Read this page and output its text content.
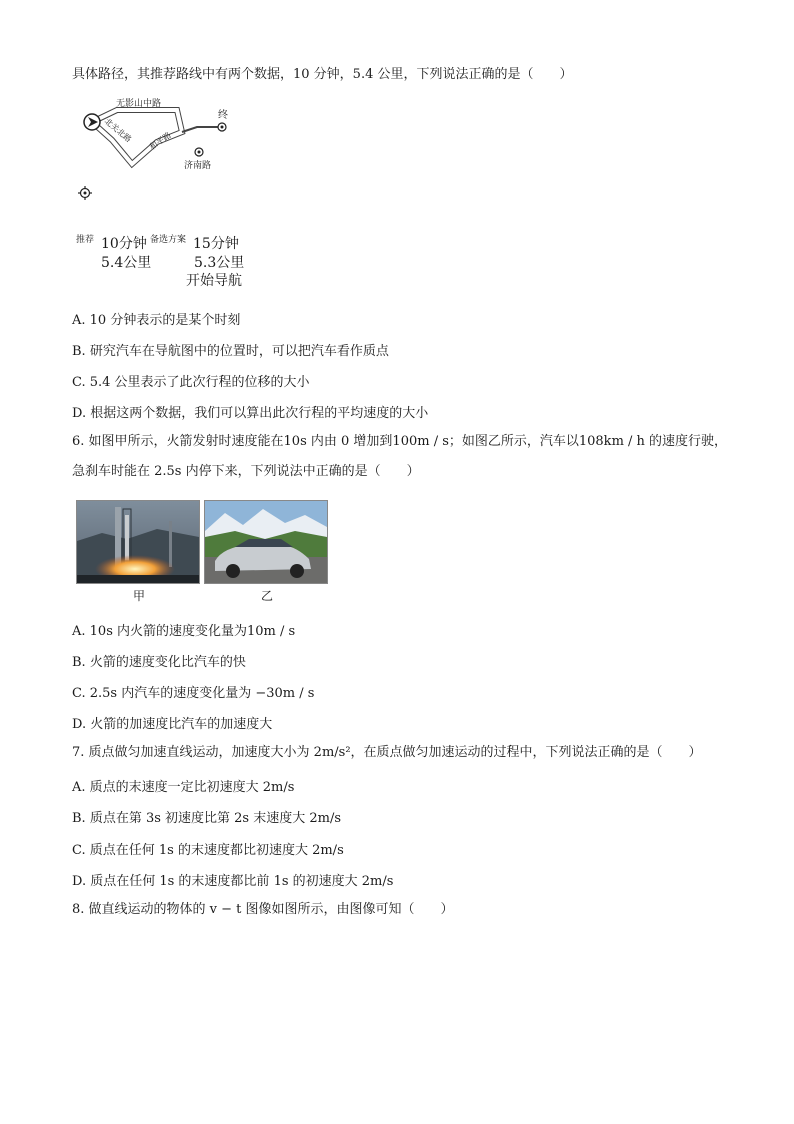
具体路径，其推荐路线中有两个数据，10 分钟，5.4 公里，下列说法正确的是（　　）
无影山中路
北关北路 和平路
终
济南路
推荐 10分钟
5.4公里
备选方案 15分钟
5.3公里
开始导航
A. 10 分钟表示的是某个时刻
B. 研究汽车在导航图中的位置时，可以把汽车看作质点
C. 5.4 公里表示了此次行程的位移的大小
D. 根据这两个数据，我们可以算出此次行程的平均速度的大小
6. 如图甲所示，火箭发射时速度能在10s 内由 0 增加到100m / s；如图乙所示，汽车以108km / h 的速度行驶，
急刹车时能在 2.5s 内停下来，下列说法中正确的是（　　）
甲	乙
A. 10s 内火箭的速度变化量为10m / s
B. 火箭的速度变化比汽车的快
C. 2.5s 内汽车的速度变化量为 −30m / s
D. 火箭的加速度比汽车的加速度大
7. 质点做匀加速直线运动，加速度大小为 2m/s²，在质点做匀加速运动的过程中，下列说法正确的是（　　）
A. 质点的末速度一定比初速度大 2m/s
B. 质点在第 3s 初速度比第 2s 末速度大 2m/s
C. 质点在任何 1s 的末速度都比初速度大 2m/s
D. 质点在任何 1s 的末速度都比前 1s 的初速度大 2m/s
8. 做直线运动的物体的 v − t 图像如图所示，由图像可知（　　）
